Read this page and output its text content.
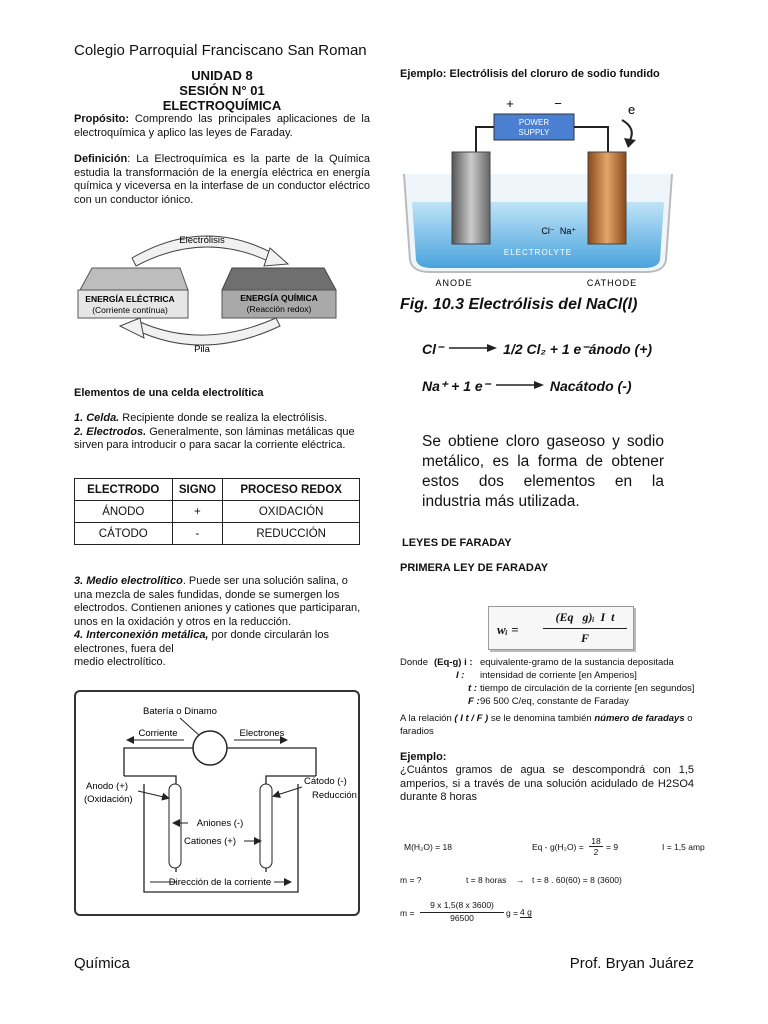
Colegio Parroquial Franciscano San Roman
UNIDAD 8
SESIÓN N° 01
ELECTROQUÍMICA
Propósito: Comprendo las principales aplicaciones de la electroquímica y aplico las leyes de Faraday.
Definición: La Electroquímica es la parte de la Química estudia la transformación de la energía eléctrica en energía química y viceversa en la interfase de un conductor eléctrico con un conductor iónico.
Electrólisis
ENERGÍA ELÉCTRICA
(Corriente contínua)
ENERGÍA QUÍMICA
(Reacción redox)
Pila
Elementos de una celda electrolítica
1. Celda. Recipiente donde se realiza la electrólisis.
2. Electrodos. Generalmente, son láminas metálicas que sirven para introducir o para sacar la corriente eléctrica.
ELECTRODO	SIGNO	PROCESO REDOX
ÁNODO	+	OXIDACIÓN
CÁTODO	-	REDUCCIÓN
3. Medio electrolítico. Puede ser una solución salina, o una mezcla de sales fundidas, donde se sumergen los electrodos. Contienen aniones y cationes que participaran, unos en la oxidación y otros en la reducción.
4. Interconexión metálica, por donde circularán los electrones, fuera del
medio electrolítico.
Batería o Dinamo
Corriente	Electrones
Anodo (+)
(Oxidación)
Cátodo (-)
Reducción
Aniones (-)
Cationes (+)
Dirección de la corriente
Ejemplo: Electrólisis del cloruro de sodio fundido
+	−	e
POWER
SUPPLY
Cl⁻ Na⁺
ELECTROLYTE
ANODE	CATHODE
Fig. 10.3 Electrólisis del NaCl(l)
Cl⁻	1/2 Cl₂ + 1 e⁻ánodo (+)
Na⁺ + 1 e⁻	Nacátodo (-)
Se obtiene cloro gaseoso y sodio metálico, es la forma de obtener estos dos elementos en la industria más utilizada.
LEYES DE FARADAY
PRIMERA LEY DE FARADAY
wᵢ =
(Eq   g)ᵢ  I  t
F
Donde (Eq-g) i : equivalente-gramo de la sustancia depositada
I : intensidad de corriente [en Amperios]
t : tiempo de circulación de la corriente [en segundos]
F : 96 500 C/eq, constante de Faraday
A la relación ( I t / F ) se le denomina también número de faradays o faradios
Ejemplo:
¿Cuántos gramos de agua se descompondrá con 1,5 amperios, si a través de una solución acidulado de H2SO4 durante 8 horas
M(H₂O) = 18	Eq - g(H₂O) =
18
2 = 9	I = 1,5 amp
m = ?	t = 8 horas → t = 8 . 60(60) = 8 (3600)
m =
9 x 1,5(8 x 3600)
96500	g = 4 g
Química	Prof. Bryan Juárez
